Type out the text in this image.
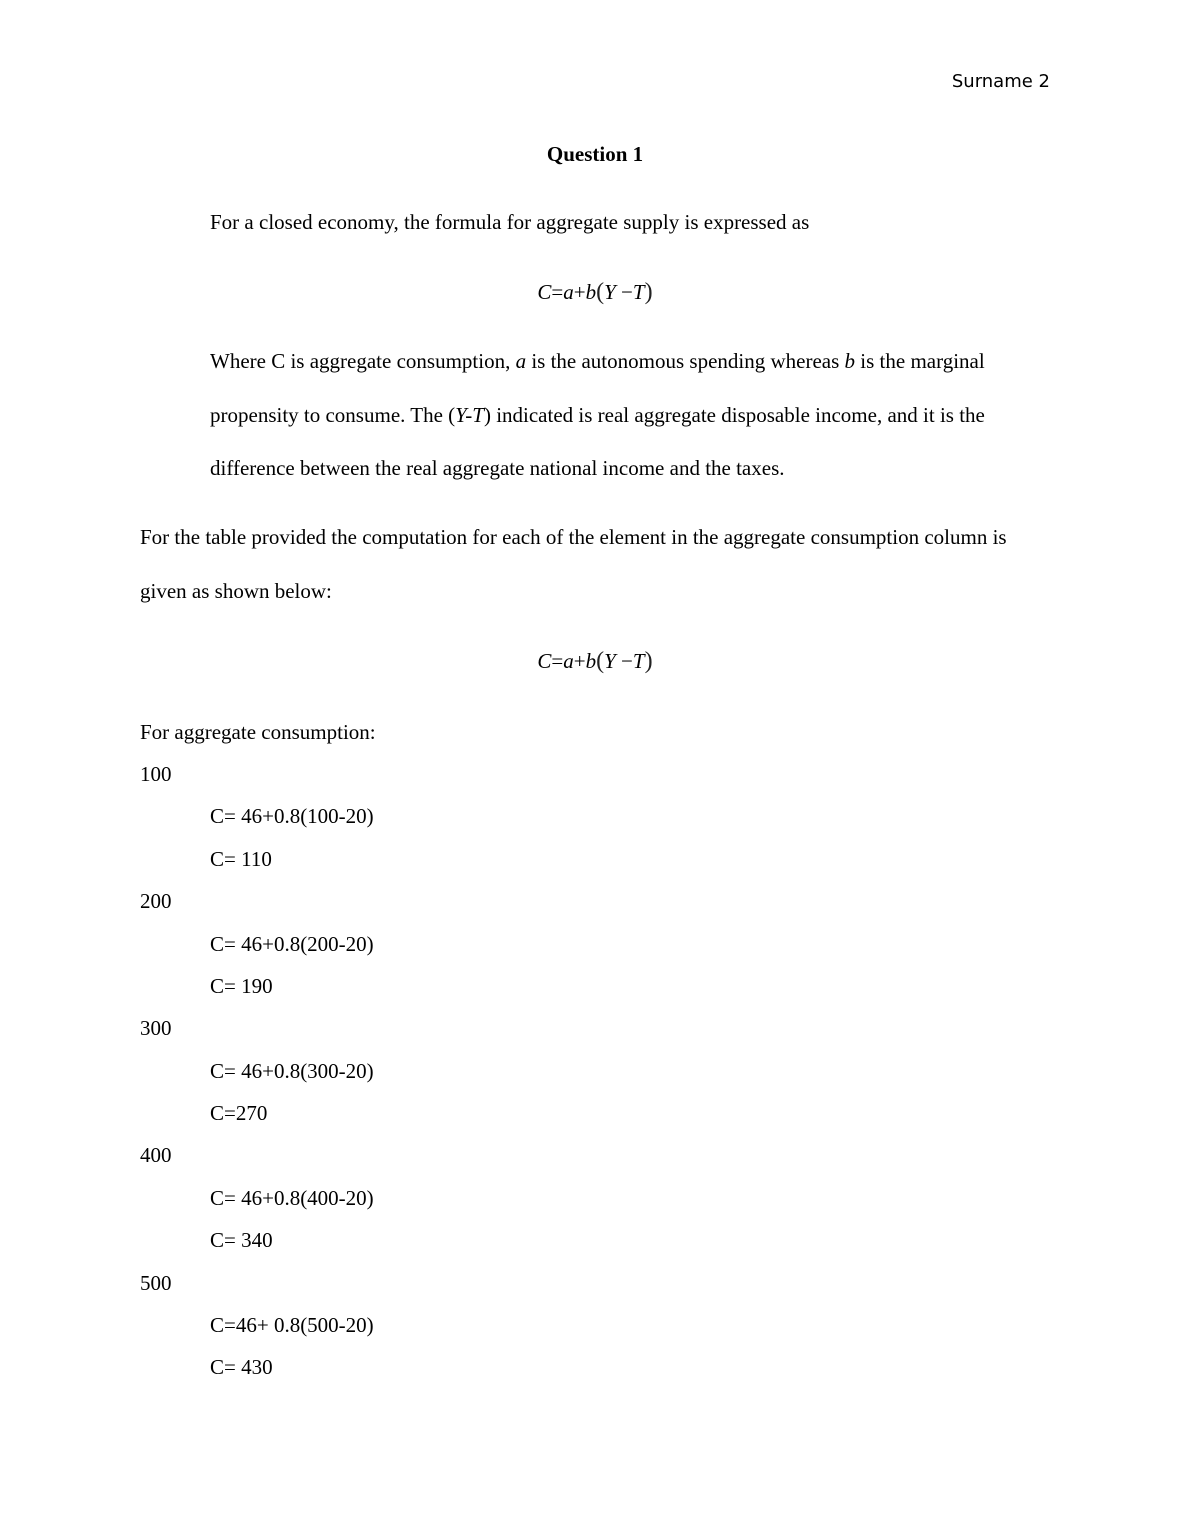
Surname 2
Question 1
For a closed economy, the formula for aggregate supply is expressed as
C=a+b(Y −T)
Where C is aggregate consumption, a is the autonomous spending whereas b is the marginal propensity to consume. The (Y-T) indicated is real aggregate disposable income, and it is the difference between the real aggregate national income and the taxes.
For the table provided the computation for each of the element in the aggregate consumption column is given as shown below:
C=a+b(Y −T)
For aggregate consumption:
100
C= 46+0.8(100-20)
C= 110
200
C= 46+0.8(200-20)
C= 190
300
C= 46+0.8(300-20)
C=270
400
C= 46+0.8(400-20)
C= 340
500
C=46+ 0.8(500-20)
C= 430
